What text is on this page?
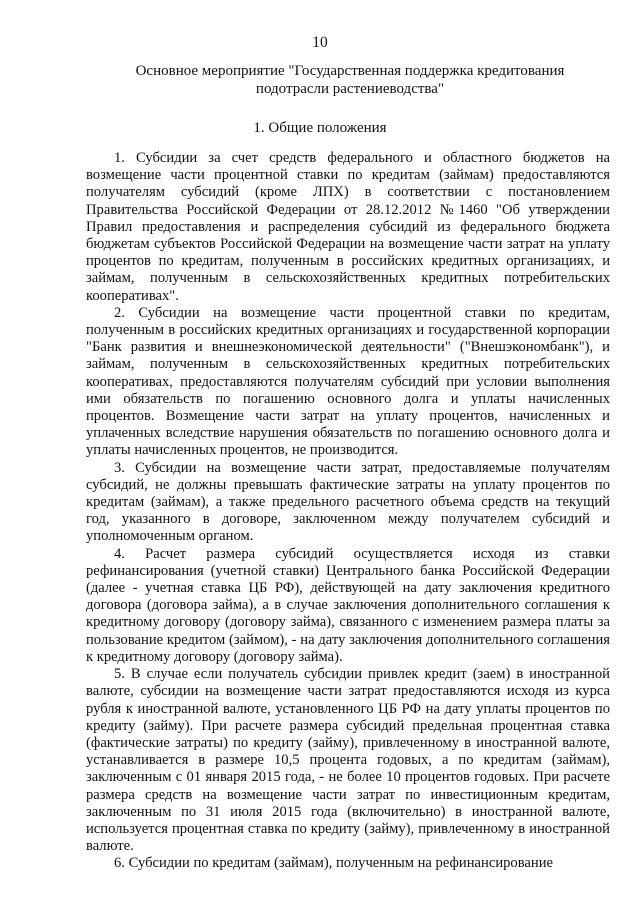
10
Основное мероприятие "Государственная поддержка кредитования подотрасли растениеводства"
1. Общие положения

1. Субсидии за счет средств федерального и областного бюджетов на возмещение части процентной ставки по кредитам (займам) предоставляются получателям субсидий (кроме ЛПХ) в соответствии с постановлением Правительства Российской Федерации от 28.12.2012 №1460 "Об утверждении Правил предоставления и распределения субсидий из федерального бюджета бюджетам субъектов Российской Федерации на возмещение части затрат на уплату процентов по кредитам, полученным в российских кредитных организациях, и займам, полученным в сельскохозяйственных кредитных потребительских кооперативах".

2. Субсидии на возмещение части процентной ставки по кредитам, полученным в российских кредитных организациях и государственной корпорации "Банк развития и внешнеэкономической деятельности" ("Внешэкономбанк"), и займам, полученным в сельскохозяйственных кредитных потребительских кооперативах, предоставляются получателям субсидий при условии выполнения ими обязательств по погашению основного долга и уплаты начисленных процентов. Возмещение части затрат на уплату процентов, начисленных и уплаченных вследствие нарушения обязательств по погашению основного долга и уплаты начисленных процентов, не производится.

3. Субсидии на возмещение части затрат, предоставляемые получателям субсидий, не должны превышать фактические затраты на уплату процентов по кредитам (займам), а также предельного расчетного объема средств на текущий год, указанного в договоре, заключенном между получателем субсидий и уполномоченным органом.

4. Расчет размера субсидий осуществляется исходя из ставки рефинансирования (учетной ставки) Центрального банка Российской Федерации (далее - учетная ставка ЦБ РФ), действующей на дату заключения кредитного договора (договора займа), а в случае заключения дополнительного соглашения к кредитному договору (договору займа), связанного с изменением размера платы за пользование кредитом (займом), - на дату заключения дополнительного соглашения к кредитному договору (договору займа).

5. В случае если получатель субсидии привлек кредит (заем) в иностранной валюте, субсидии на возмещение части затрат предоставляются исходя из курса рубля к иностранной валюте, установленного ЦБ РФ на дату уплаты процентов по кредиту (займу). При расчете размера субсидий предельная процентная ставка (фактические затраты) по кредиту (займу), привлеченному в иностранной валюте, устанавливается в размере 10,5 процента годовых, а по кредитам (займам), заключенным с 01 января 2015 года, - не более 10 процентов годовых. При расчете размера средств на возмещение части затрат по инвестиционным кредитам, заключенным по 31 июля 2015 года (включительно) в иностранной валюте, используется процентная ставка по кредиту (займу), привлеченному в иностранной валюте.

6. Субсидии по кредитам (займам), полученным на рефинансирование
